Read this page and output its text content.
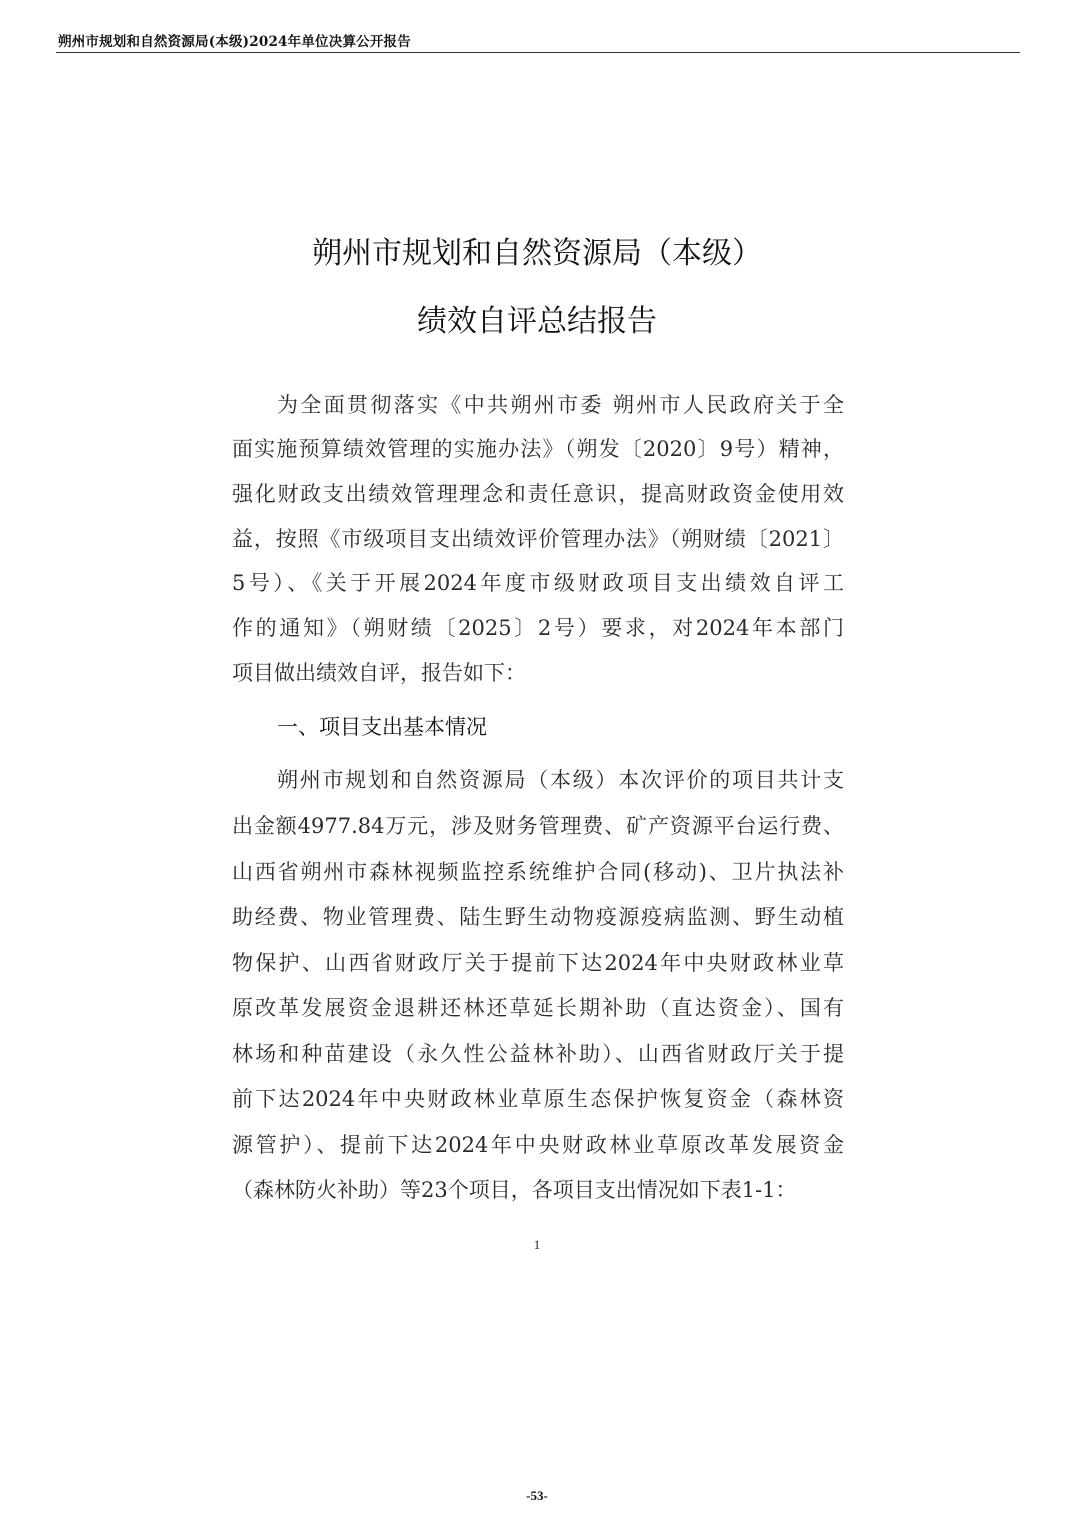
朔州市规划和自然资源局(本级)2024年单位决算公开报告
朔州市规划和自然资源局（本级）
绩效自评总结报告
为全面贯彻落实《中共朔州市委 朔州市人民政府关于全
面实施预算绩效管理的实施办法》（朔发〔2020〕9号）精神，
强化财政支出绩效管理理念和责任意识，提高财政资金使用效
益，按照《市级项目支出绩效评价管理办法》（朔财绩〔2021〕
5号）、《关于开展2024年度市级财政项目支出绩效自评工
作的通知》（朔财绩〔2025〕2号）要求，对2024年本部门
项目做出绩效自评，报告如下：
一、项目支出基本情况
朔州市规划和自然资源局（本级）本次评价的项目共计支
出金额4977.84万元，涉及财务管理费、矿产资源平台运行费、
山西省朔州市森林视频监控系统维护合同(移动)、卫片执法补
助经费、物业管理费、陆生野生动物疫源疫病监测、野生动植
物保护、山西省财政厅关于提前下达2024年中央财政林业草
原改革发展资金退耕还林还草延长期补助（直达资金）、国有
林场和种苗建设（永久性公益林补助）、山西省财政厅关于提
前下达2024年中央财政林业草原生态保护恢复资金（森林资
源管护）、提前下达2024年中央财政林业草原改革发展资金
（森林防火补助）等23个项目，各项目支出情况如下表1-1：
1
-53-
